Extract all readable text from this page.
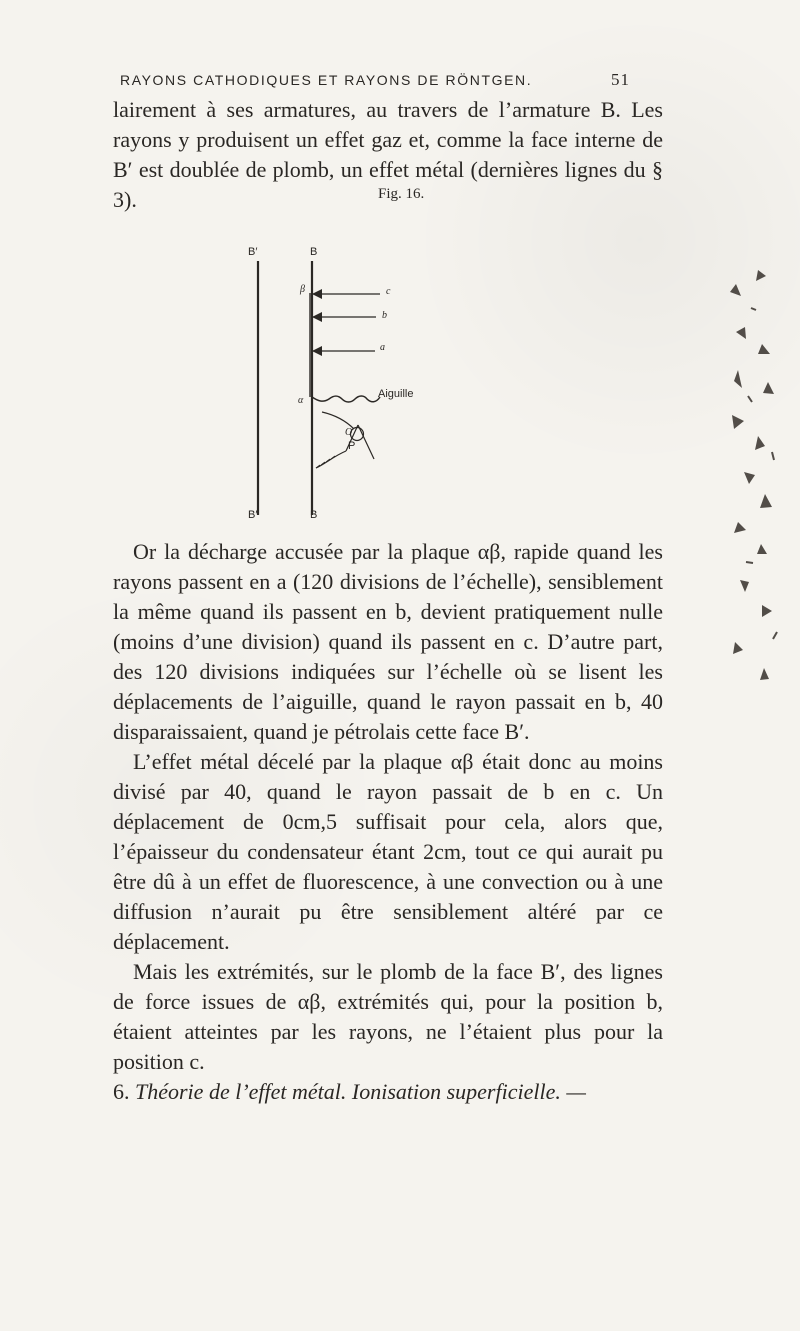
RAYONS CATHODIQUES ET RAYONS DE RÖNTGEN.	51

lairement à ses armatures, au travers de l’armature B. Les rayons y produisent un effet gaz et, comme la face interne de B′ est doublée de plomb, un effet métal (dernières lignes du § 3).	Fig. 16.
B′	B
β	c
b
a
α
Aiguille
P
O
B′	B

Or la décharge accusée par la plaque αβ, rapide quand les rayons passent en a (120 divisions de l’échelle), sensiblement la même quand ils passent en b, devient pratiquement nulle (moins d’une division) quand ils passent en c. D’autre part, des 120 divisions indiquées sur l’échelle où se lisent les déplacements de l’aiguille, quand le rayon passait en b, 40 disparaissaient, quand je pétrolais cette face B′.

L’effet métal décelé par la plaque αβ était donc au moins divisé par 40, quand le rayon passait de b en c. Un déplacement de 0cm,5 suffisait pour cela, alors que, l’épaisseur du condensateur étant 2cm, tout ce qui aurait pu être dû à un effet de fluorescence, à une convection ou à une diffusion n’aurait pu être sensiblement altéré par ce déplacement.

Mais les extrémités, sur le plomb de la face B′, des lignes de force issues de αβ, extrémités qui, pour la position b, étaient atteintes par les rayons, ne l’étaient plus pour la position c.

6. Théorie de l’effet métal. Ionisation superficielle. —
